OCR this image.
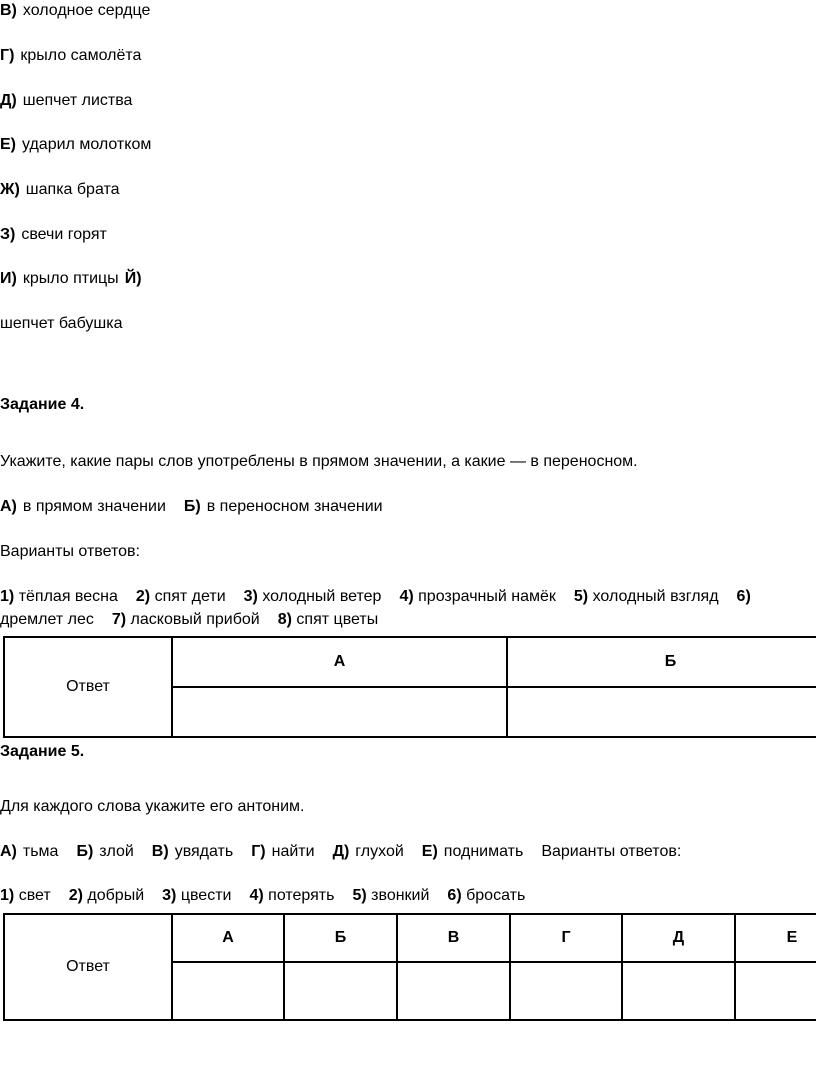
В) холодное сердце
Г) крыло самолёта
Д) шепчет листва
Е) ударил молотком
Ж) шапка брата
З) свечи горят
И) крыло птицы Й)
шепчет бабушка
Задание 4.
Укажите, какие пары слов употреблены в прямом значении, а какие — в переносном.
А) в прямом значении Б) в переносном значении
Варианты ответов:
1) тёплая весна 2) спят дети 3) холодный ветер 4) прозрачный намёк 5) холодный взгляд 6)
дремлет лес 7) ласковый прибой 8) спят цветы
Ответ	А	Б

Задание 5.
Для каждого слова укажите его антоним.
А) тьма Б) злой В) увядать Г) найти Д) глухой Е) поднимать Варианты ответов:
1) свет 2) добрый 3) цвести 4) потерять 5) звонкий 6) бросать
Ответ	А	Б	В	Г	Д	Е
